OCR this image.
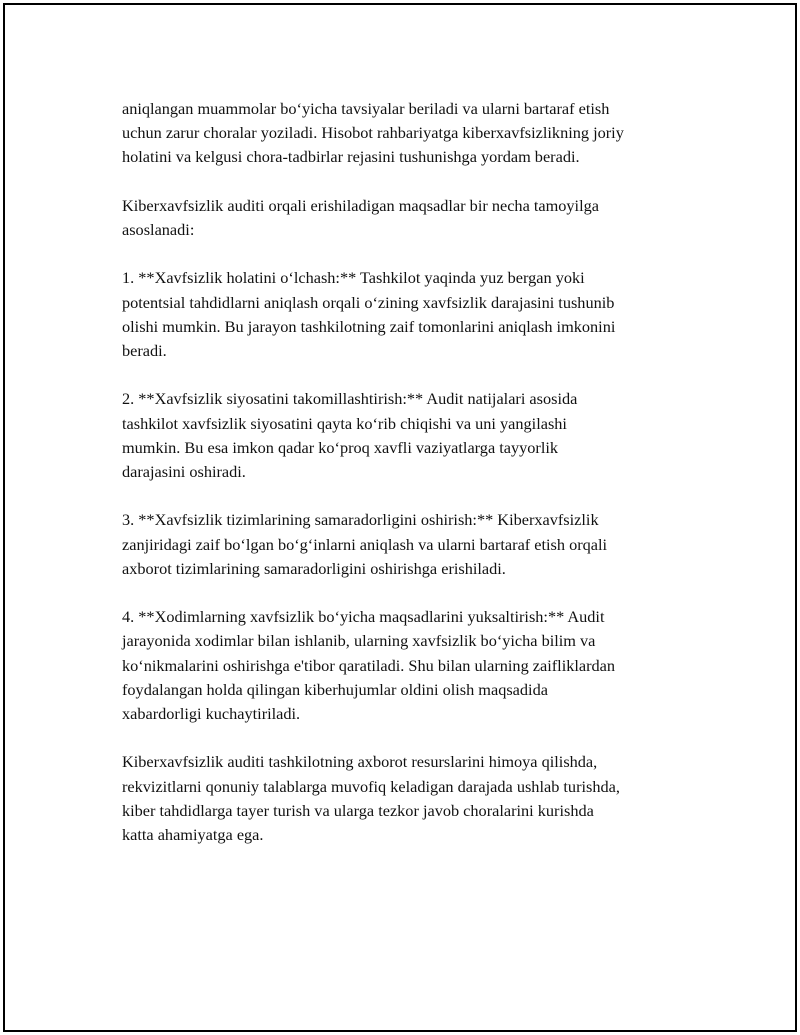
aniqlangan muammolar bo‘yicha tavsiyalar beriladi va ularni bartaraf etish
uchun zarur choralar yoziladi. Hisobot rahbariyatga kiberxavfsizlikning joriy
holatini va kelgusi chora-tadbirlar rejasini tushunishga yordam beradi.

Kiberxavfsizlik auditi orqali erishiladigan maqsadlar bir necha tamoyilga
asoslanadi:

1. **Xavfsizlik holatini o‘lchash:** Tashkilot yaqinda yuz bergan yoki
potentsial tahdidlarni aniqlash orqali o‘zining xavfsizlik darajasini tushunib
olishi mumkin. Bu jarayon tashkilotning zaif tomonlarini aniqlash imkonini
beradi.

2. **Xavfsizlik siyosatini takomillashtirish:** Audit natijalari asosida
tashkilot xavfsizlik siyosatini qayta ko‘rib chiqishi va uni yangilashi
mumkin. Bu esa imkon qadar ko‘proq xavfli vaziyatlarga tayyorlik
darajasini oshiradi.

3. **Xavfsizlik tizimlarining samaradorligini oshirish:** Kiberxavfsizlik
zanjiridagi zaif bo‘lgan bo‘g‘inlarni aniqlash va ularni bartaraf etish orqali
axborot tizimlarining samaradorligini oshirishga erishiladi.

4. **Xodimlarning xavfsizlik bo‘yicha maqsadlarini yuksaltirish:** Audit
jarayonida xodimlar bilan ishlanib, ularning xavfsizlik bo‘yicha bilim va
ko‘nikmalarini oshirishga e'tibor qaratiladi. Shu bilan ularning zaifliklardan
foydalangan holda qilingan kiberhujumlar oldini olish maqsadida
xabardorligi kuchaytiriladi.

Kiberxavfsizlik auditi tashkilotning axborot resurslarini himoya qilishda,
rekvizitlarni qonuniy talablarga muvofiq keladigan darajada ushlab turishda,
kiber tahdidlarga tayer turish va ularga tezkor javob choralarini kurishda
katta ahamiyatga ega.
